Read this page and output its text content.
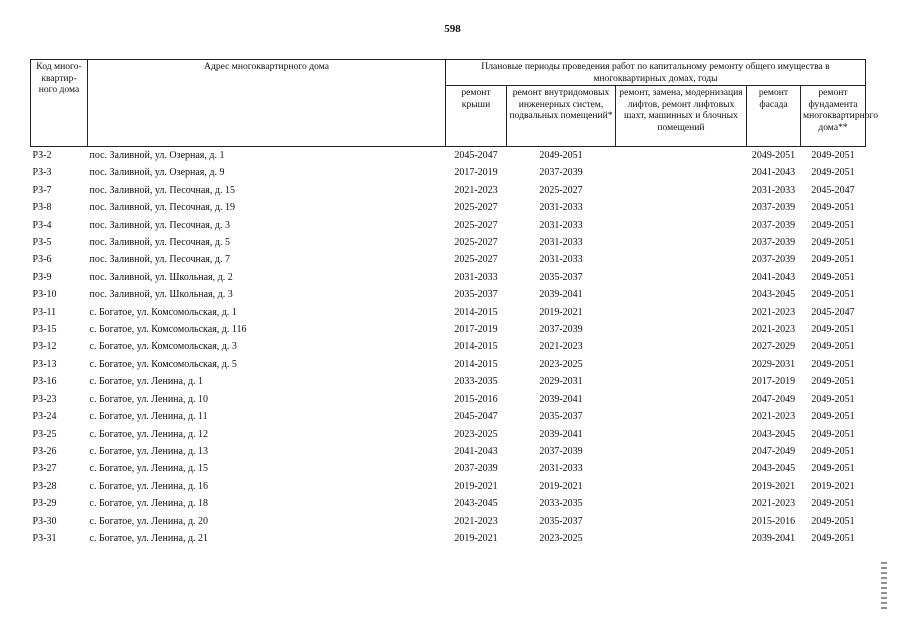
598
Код много-квартир-ного дома	Адрес многоквартирного дома	Плановые периоды проведения работ по капитальному ремонту общего имущества в многоквартирных домах, годы				
		ремонт крыши	ремонт внутридомовых инженерных систем, подвальных помещений*	ремонт, замена, модернизация лифтов, ремонт лифтовых шахт, машинных и блочных помещений	ремонт фасада	ремонт фундамента многоквартирного дома**
РЗ-2	пос. Заливной, ул. Озерная, д. 1	2045-2047	2049-2051		2049-2051	2049-2051
РЗ-3	пос. Заливной, ул. Озерная, д. 9	2017-2019	2037-2039		2041-2043	2049-2051
РЗ-7	пос. Заливной, ул. Песочная, д. 15	2021-2023	2025-2027		2031-2033	2045-2047
РЗ-8	пос. Заливной, ул. Песочная, д. 19	2025-2027	2031-2033		2037-2039	2049-2051
РЗ-4	пос. Заливной, ул. Песочная, д. 3	2025-2027	2031-2033		2037-2039	2049-2051
РЗ-5	пос. Заливной, ул. Песочная, д. 5	2025-2027	2031-2033		2037-2039	2049-2051
РЗ-6	пос. Заливной, ул. Песочная, д. 7	2025-2027	2031-2033		2037-2039	2049-2051
РЗ-9	пос. Заливной, ул. Школьная, д. 2	2031-2033	2035-2037		2041-2043	2049-2051
РЗ-10	пос. Заливной, ул. Школьная, д. 3	2035-2037	2039-2041		2043-2045	2049-2051
РЗ-11	с. Богатое, ул. Комсомольская, д. 1	2014-2015	2019-2021		2021-2023	2045-2047
РЗ-15	с. Богатое, ул. Комсомольская, д. 116	2017-2019	2037-2039		2021-2023	2049-2051
РЗ-12	с. Богатое, ул. Комсомольская, д. 3	2014-2015	2021-2023		2027-2029	2049-2051
РЗ-13	с. Богатое, ул. Комсомольская, д. 5	2014-2015	2023-2025		2029-2031	2049-2051
РЗ-16	с. Богатое, ул. Ленина, д. 1	2033-2035	2029-2031		2017-2019	2049-2051
РЗ-23	с. Богатое, ул. Ленина, д. 10	2015-2016	2039-2041		2047-2049	2049-2051
РЗ-24	с. Богатое, ул. Ленина, д. 11	2045-2047	2035-2037		2021-2023	2049-2051
РЗ-25	с. Богатое, ул. Ленина, д. 12	2023-2025	2039-2041		2043-2045	2049-2051
РЗ-26	с. Богатое, ул. Ленина, д. 13	2041-2043	2037-2039		2047-2049	2049-2051
РЗ-27	с. Богатое, ул. Ленина, д. 15	2037-2039	2031-2033		2043-2045	2049-2051
РЗ-28	с. Богатое, ул. Ленина, д. 16	2019-2021	2019-2021		2019-2021	2019-2021
РЗ-29	с. Богатое, ул. Ленина, д. 18	2043-2045	2033-2035		2021-2023	2049-2051
РЗ-30	с. Богатое, ул. Ленина, д. 20	2021-2023	2035-2037		2015-2016	2049-2051
РЗ-31	с. Богатое, ул. Ленина, д. 21	2019-2021	2023-2025		2039-2041	2049-2051
